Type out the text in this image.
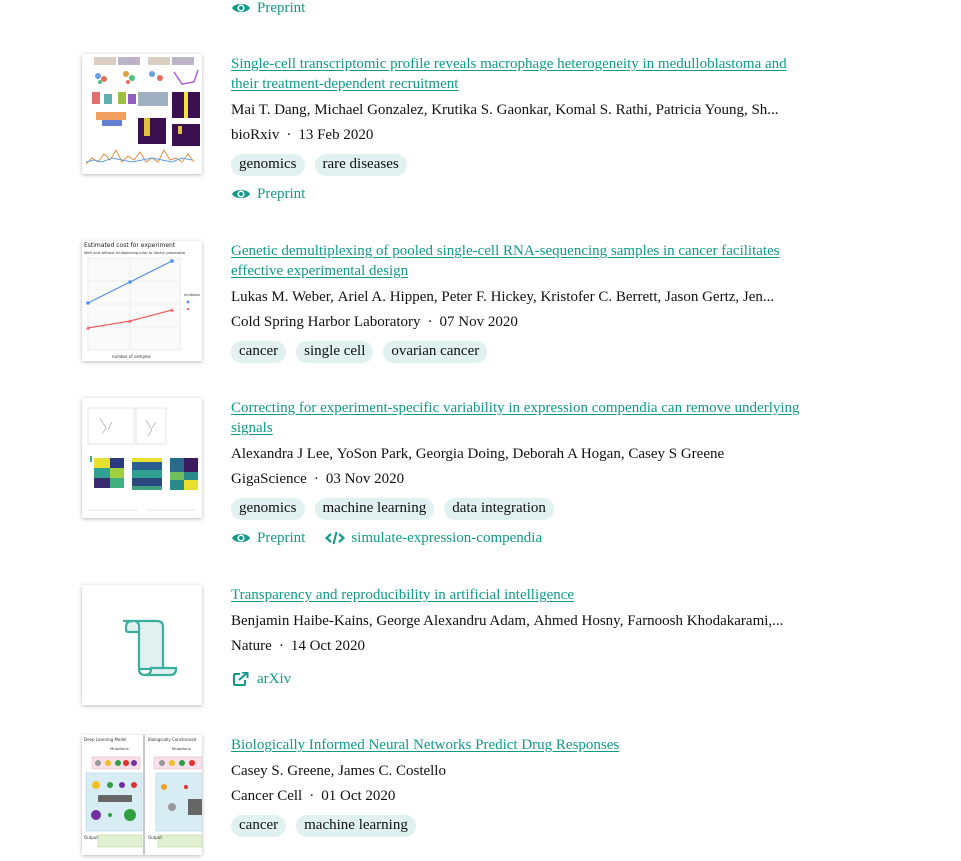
Preprint
Single-cell transcriptomic profile reveals macrophage heterogeneity in medulloblastoma and their treatment-dependent recruitment
Mai T. Dang , Michael Gonzalez , Krutika S. Gaonkar , Komal S. Rathi , Patricia Young , Sh...
bioRxiv · 13 Feb 2020
genomics	rare diseases
Preprint
Estimated cost for experiment
With and without multiplexing prior to library preparatio
number of samples
multiplex
Genetic demultiplexing of pooled single-cell RNA-sequencing samples in cancer facilitates effective experimental design
Lukas M. Weber , Ariel A. Hippen , Peter F. Hickey , Kristofer C. Berrett , Jason Gertz , Jen...
Cold Spring Harbor Laboratory · 07 Nov 2020
cancer	single cell	ovarian cancer
Correcting for experiment-specific variability in expression compendia can remove underlying signals
Alexandra J Lee , YoSon Park , Georgia Doing , Deborah A Hogan , Casey S Greene
GigaScience · 03 Nov 2020
genomics	machine learning	data integration
Preprint	simulate-expression-compendia
Transparency and reproducibility in artificial intelligence
Benjamin Haibe-Kains , George Alexandru Adam , Ahmed Hosny , Farnoosh Khodakarami,...
Nature · 14 Oct 2020
arXiv
Deep Learning Model	Biologically Constrained
Mutations	Mutations
Output	Output
Biologically Informed Neural Networks Predict Drug Responses
Casey S. Greene , James C. Costello
Cancer Cell · 01 Oct 2020
cancer	machine learning
